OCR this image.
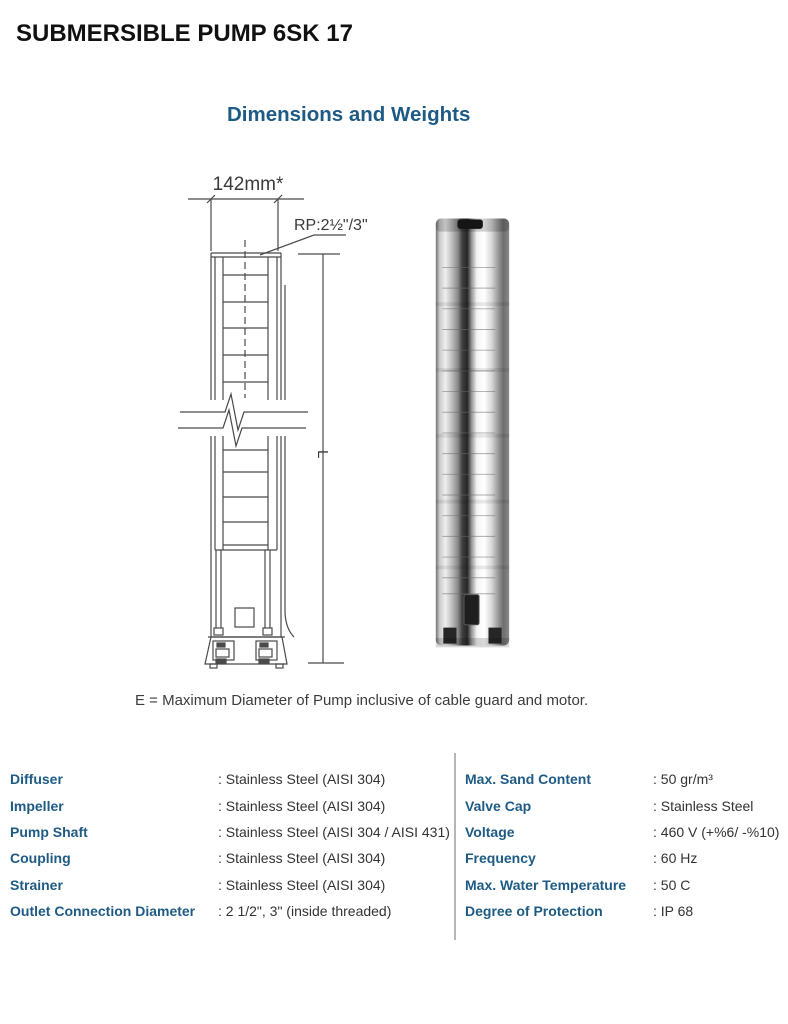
SUBMERSIBLE PUMP 6SK 17
Dimensions and Weights
142mm*
RP:2½"/3"
L

E = Maximum Diameter of Pump inclusive of cable guard and motor.

Diffuser	: Stainless Steel (AISI 304)
Impeller	: Stainless Steel (AISI 304)
Pump Shaft	: Stainless Steel (AISI 304 / AISI 431)
Coupling	: Stainless Steel (AISI 304)
Strainer	: Stainless Steel (AISI 304)
Outlet Connection Diameter	: 2 1/2", 3" (inside threaded)
Max. Sand Content	: 50 gr/m³
Valve Cap	: Stainless Steel
Voltage	: 460 V (+%6/ -%10)
Frequency	: 60 Hz
Max. Water Temperature	: 50 C
Degree of Protection	: IP 68
